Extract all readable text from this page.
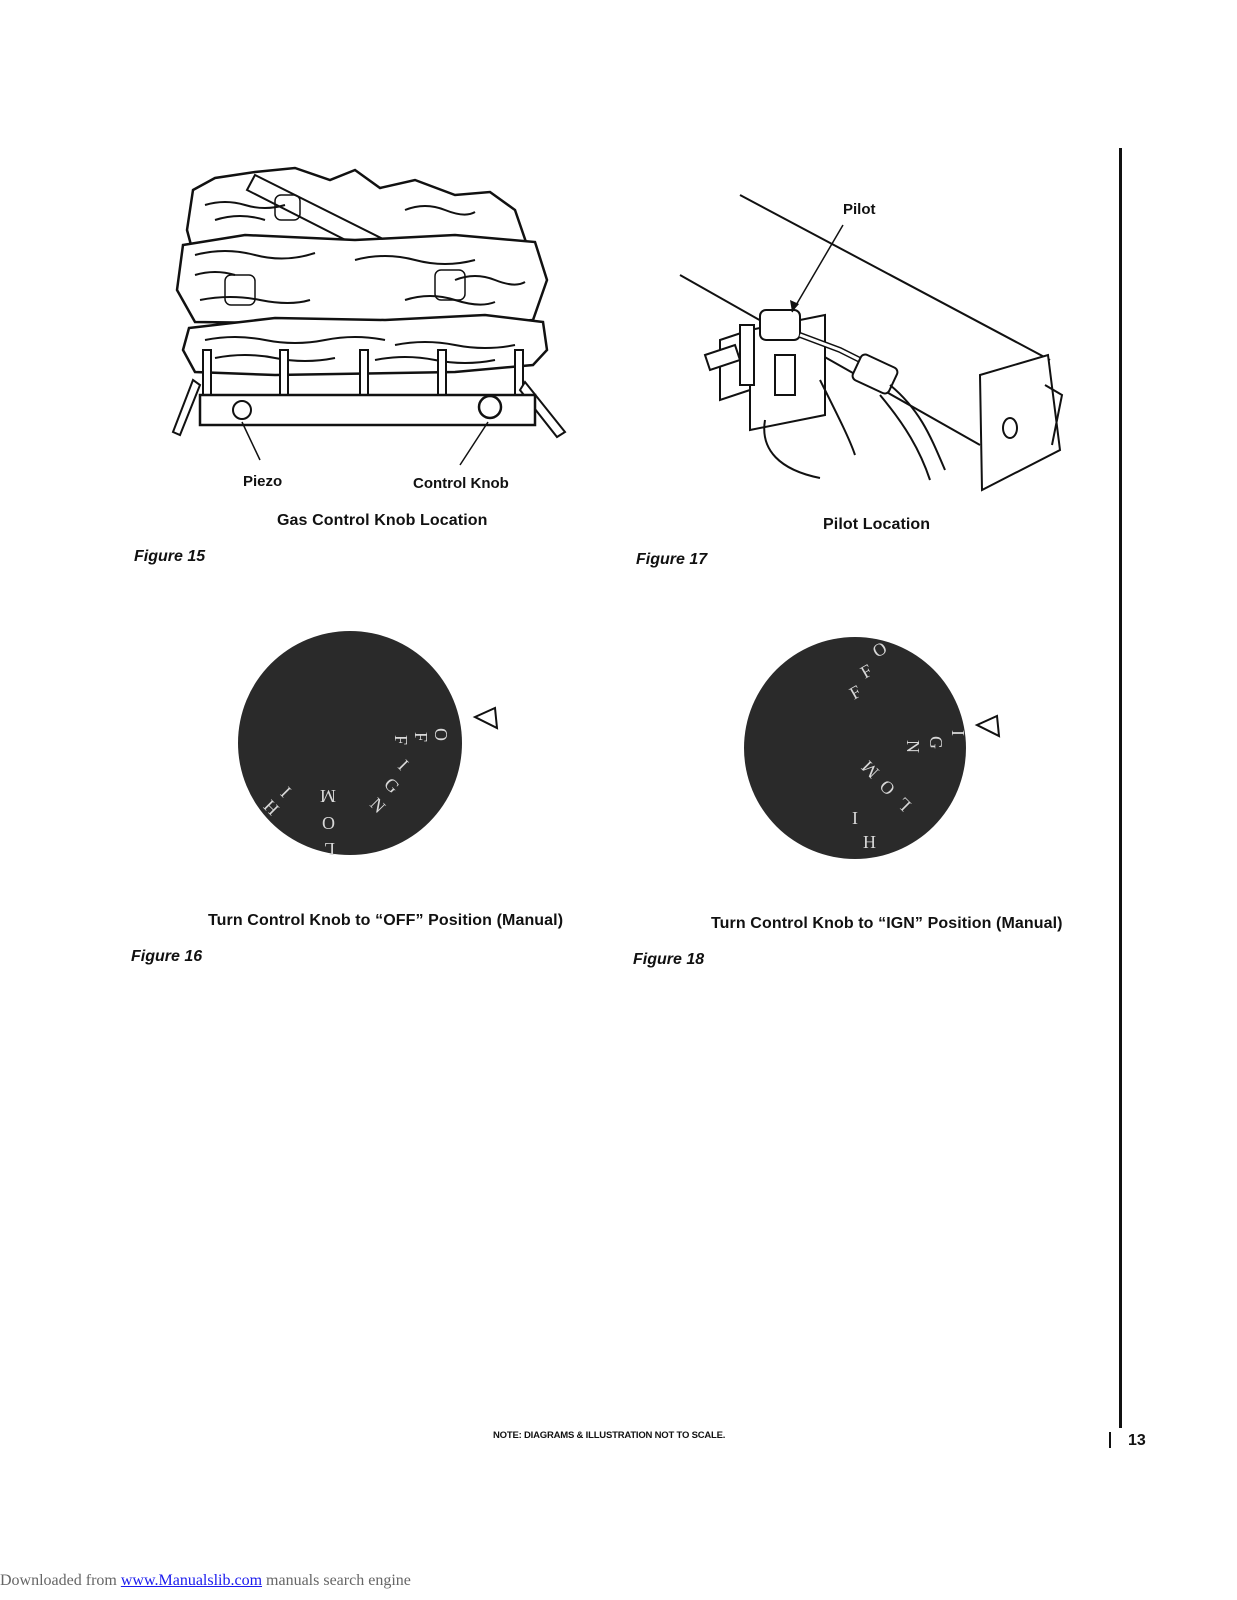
Piezo	Control Knob
Gas Control Knob Location
Figure 15
Pilot
Pilot Location
Figure 17
O
F
F
I
G
N
M
O
L
I
H
Turn Control Knob to “OFF” Position (Manual)
Figure 16
O
F
F
I
G
N
M
O
L
I
H
Turn Control Knob to “IGN” Position (Manual)
Figure 18
NOTE: DIAGRAMS & ILLUSTRATION NOT TO SCALE.	13
Downloaded from www.Manualslib.com manuals search engine
